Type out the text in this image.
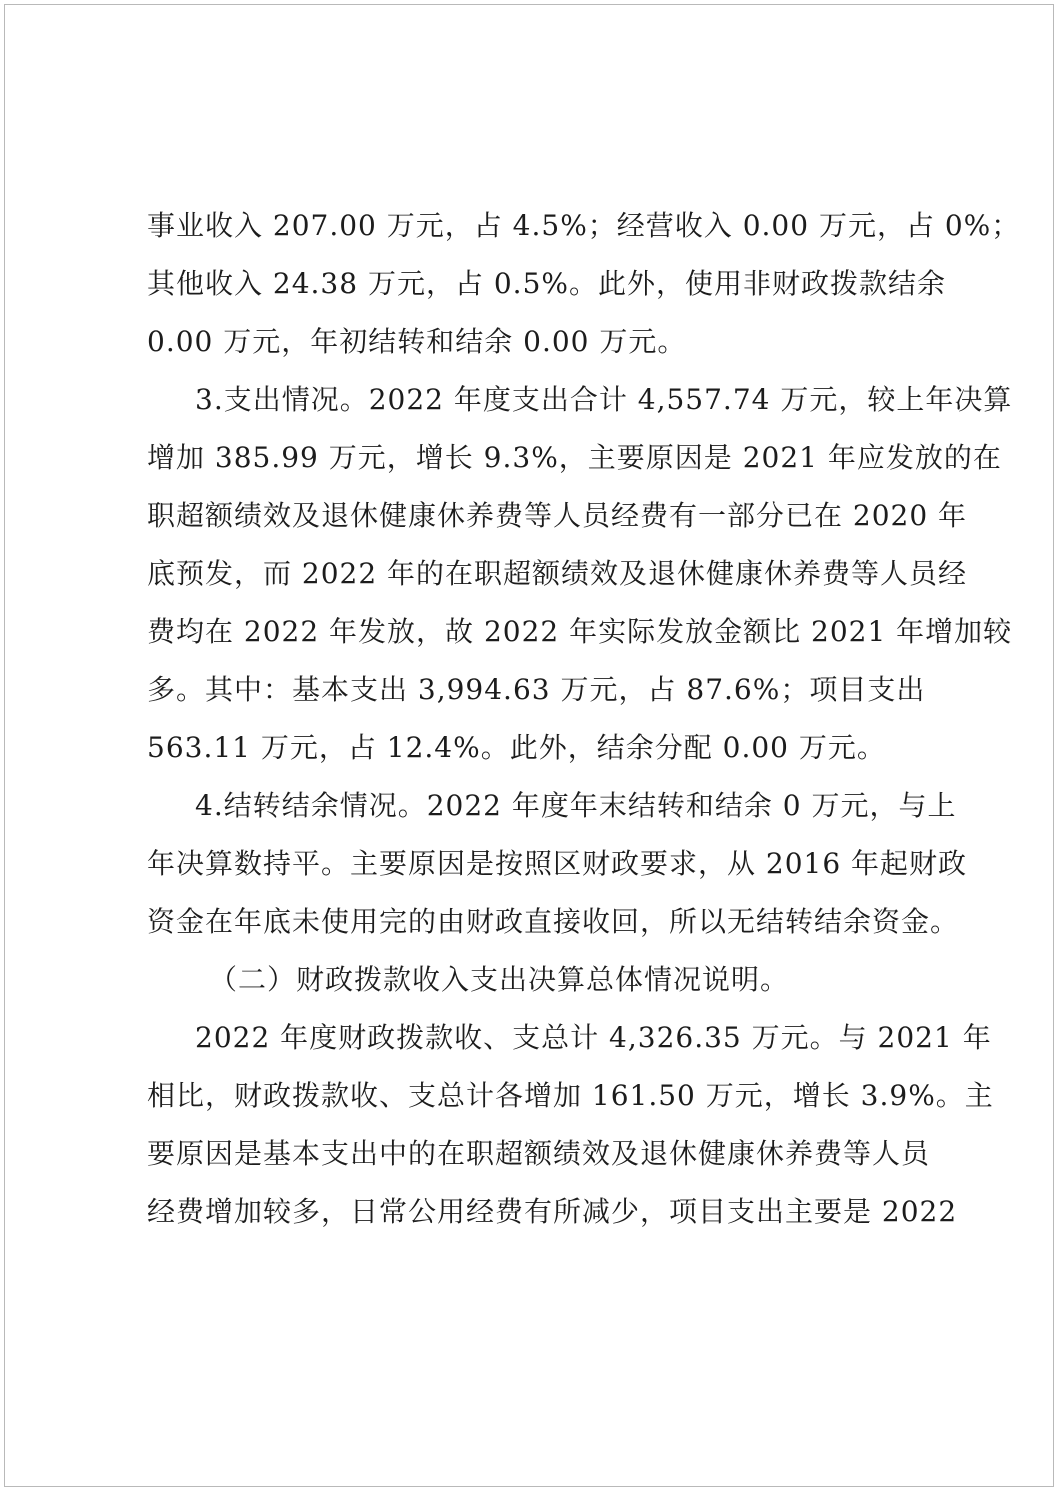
事业收入 207.00 万元，占 4.5%；经营收入 0.00 万元，占 0%；
其他收入 24.38 万元，占 0.5%。此外，使用非财政拨款结余
0.00 万元，年初结转和结余 0.00 万元。
3.支出情况。2022 年度支出合计 4,557.74 万元，较上年决算
增加 385.99 万元，增长 9.3%，主要原因是 2021 年应发放的在
职超额绩效及退休健康休养费等人员经费有一部分已在 2020 年
底预发，而 2022 年的在职超额绩效及退休健康休养费等人员经
费均在 2022 年发放，故 2022 年实际发放金额比 2021 年增加较
多。其中：基本支出 3,994.63 万元，占 87.6%；项目支出
563.11 万元，占 12.4%。此外，结余分配 0.00 万元。
4.结转结余情况。2022 年度年末结转和结余 0 万元，与上
年决算数持平。主要原因是按照区财政要求，从 2016 年起财政
资金在年底未使用完的由财政直接收回，所以无结转结余资金。
（二）财政拨款收入支出决算总体情况说明。
2022 年度财政拨款收、支总计 4,326.35 万元。与 2021 年
相比，财政拨款收、支总计各增加 161.50 万元，增长 3.9%。主
要原因是基本支出中的在职超额绩效及退休健康休养费等人员
经费增加较多，日常公用经费有所减少，项目支出主要是 2022
